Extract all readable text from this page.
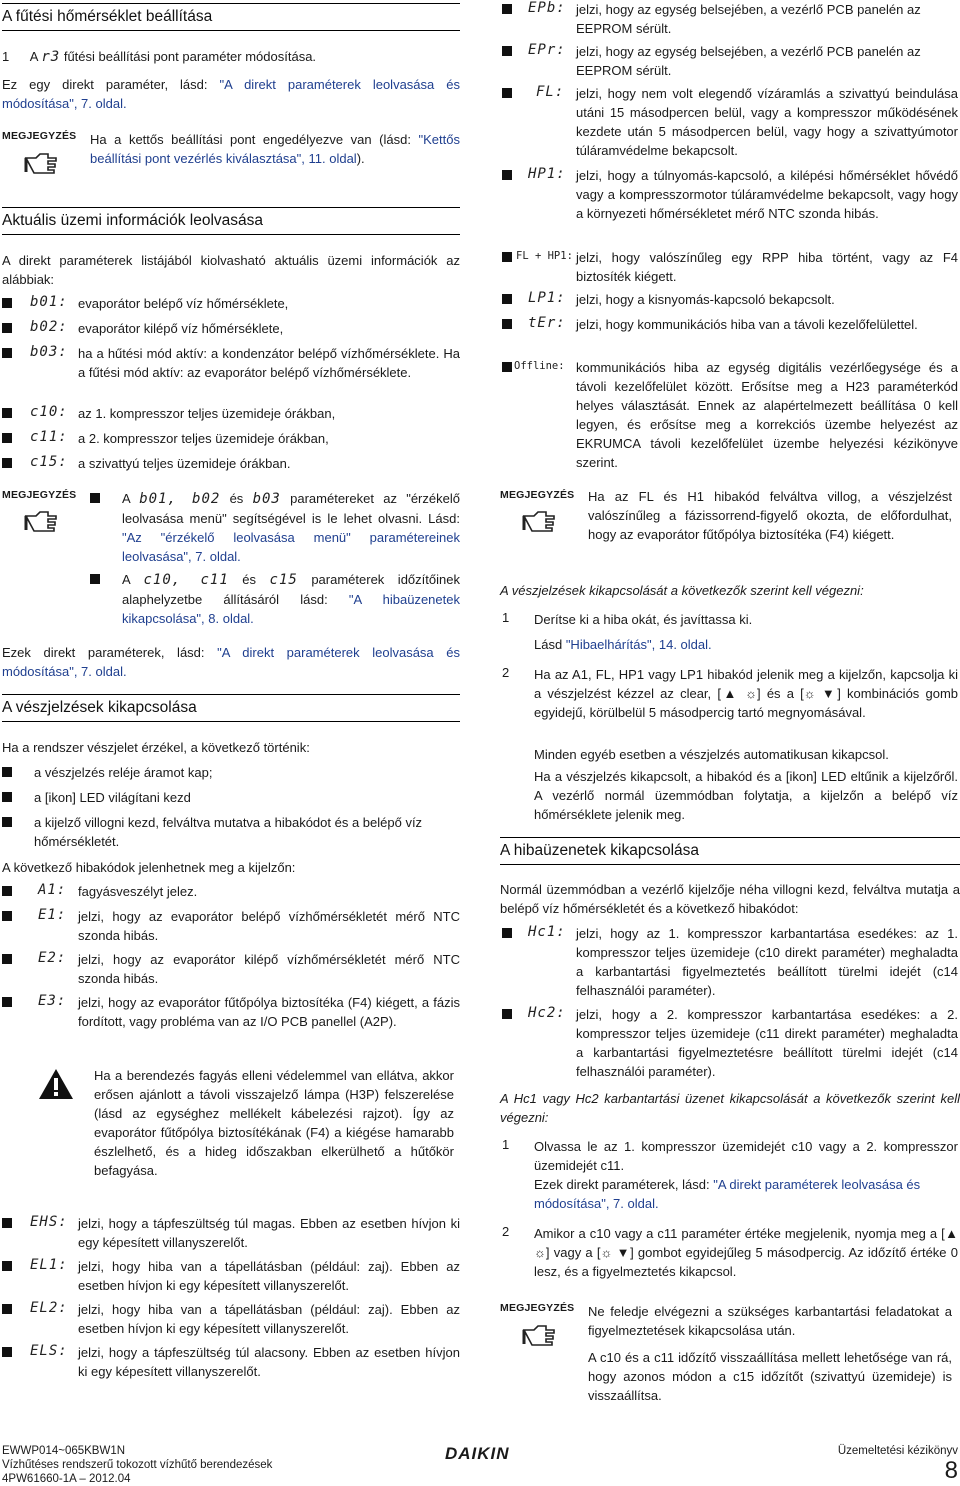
A fűtési hőmérséklet beállítása
1 A r3 fűtési beállítási pont paraméter módosítása.

Ez egy direkt paraméter, lásd: "A direkt paraméterek leolvasása és módosítása", 7. oldal.

MEGJEGYZÉS Ha a kettős beállítási pont engedélyezve van (lásd: "Kettős beállítási pont vezérlés kiválasztása", 11. oldal).

Aktuális üzemi információk leolvasása

A direkt paraméterek listájából kiolvasható aktuális üzemi információk az alábbiak:

b01: evaporátor belépő víz hőmérséklete,

b02: evaporátor kilépő víz hőmérséklete,

b03: ha a hűtési mód aktív: a kondenzátor belépő vízhőmérséklete. Ha a fűtési mód aktív: az evaporátor belépő vízhőmérséklete.

c10: az 1. kompresszor teljes üzemideje órákban,

c11: a 2. kompresszor teljes üzemideje órákban,

c15: a szivattyú teljes üzemideje órákban.

MEGJEGYZÉS	A b01, b02 és b03 paramétereket az "érzékelő leolvasása menü" segítségével is le lehet olvasni. Lásd: "Az "érzékelő leolvasása menü" paramétereinek leolvasása", 7. oldal.

A c10, c11 és c15 paraméterek időzítőinek alaphelyzetbe állításáról lásd: "A hibaüzenetek kikapcsolása", 8. oldal.

Ezek direkt paraméterek, lásd: "A direkt paraméterek leolvasása és módosítása", 7. oldal.

A vészjelzések kikapcsolása

Ha a rendszer vészjelet érzékel, a következő történik:

a vészjelzés reléje áramot kap;

a [ikon] LED világítani kezd

a kijelző villogni kezd, felváltva mutatva a hibakódot és a belépő víz hőmérsékletét.

A következő hibakódok jelenhetnek meg a kijelzőn:

A1: fagyásveszélyt jelez.

E1: jelzi, hogy az evaporátor belépő vízhőmérsékletét mérő NTC szonda hibás.

E2: jelzi, hogy az evaporátor kilépő vízhőmérsékletét mérő NTC szonda hibás.

E3: jelzi, hogy az evaporátor fűtőpólya biztosítéka (F4) kiégett, a fázis fordított, vagy probléma van az I/O PCB panellel (A2P).

Ha a berendezés fagyás elleni védelemmel van ellátva, akkor erősen ajánlott a távoli visszajelző lámpa (H3P) felszerelése (lásd az egységhez mellékelt kábelezési rajzot). Így az evaporátor fűtőpólya biztosítékának (F4) a kiégése hamarabb észlelhető, és a hideg időszakban elkerülhető a hűtőkör befagyása.

EHS: jelzi, hogy a tápfeszültség túl magas. Ebben az esetben hívjon ki egy képesített villanyszerelőt.

EL1: jelzi, hogy hiba van a tápellátásban (például: zaj). Ebben az esetben hívjon ki egy képesített villanyszerelőt.

EL2: jelzi, hogy hiba van a tápellátásban (például: zaj). Ebben az esetben hívjon ki egy képesített villanyszerelőt.

ELS: jelzi, hogy a tápfeszültség túl alacsony. Ebben az esetben hívjon ki egy képesített villanyszerelőt.

EPb: jelzi, hogy az egység belsejében, a vezérlő PCB panelén az EEPROM sérült.

EPr: jelzi, hogy az egység belsejében, a vezérlő PCB panelén az EEPROM sérült.

FL: jelzi, hogy nem volt elegendő vízáramlás a szivattyú beindulása utáni 15 másodpercen belül, vagy a kompresszor működésének kezdete után 5 másodpercen belül, vagy hogy a szivattyúmotor túláramvédelme bekapcsolt.

HP1: jelzi, hogy a túlnyomás-kapcsoló, a kilépési hőmérséklet hővédő vagy a kompresszormotor túláramvédelme bekapcsolt, vagy hogy a környezeti hőmérsékletet mérő NTC szonda hibás.

FL + HP1: jelzi, hogy valószínűleg egy RPP hiba történt, vagy az F4 biztosíték kiégett.

LP1: jelzi, hogy a kisnyomás-kapcsoló bekapcsolt.

tEr: jelzi, hogy kommunikációs hiba van a távoli kezelőfelülettel.

Offline: kommunikációs hiba az egység digitális vezérlőegysége és a távoli kezelőfelület között. Erősítse meg a H23 paraméterkód helyes választását. Ennek az alapértelmezett beállítása 0 kell legyen, és erősítse meg a korrekciós üzembe helyezést az EKRUMCA távoli kezelőfelület üzembe helyezési kézikönyve szerint.

MEGJEGYZÉS Ha az FL és H1 hibakód felváltva villog, a vészjelzést valószínűleg a fázissorrend-figyelő okozta, de előfordulhat, hogy az evaporátor fűtőpólya biztosítéka (F4) kiégett.

A vészjelzések kikapcsolását a következők szerint kell végezni:

1 Derítse ki a hiba okát, és javíttassa ki.

Lásd "Hibaelhárítás", 14. oldal.

2 Ha az A1, FL, HP1 vagy LP1 hibakód jelenik meg a kijelzőn, kapcsolja ki a vészjelzést kézzel az clear, [▲ ☼] és a [☼ ▼] kombinációs gomb egyidejű, körülbelül 5 másodpercig tartó megnyomásával.

Minden egyéb esetben a vészjelzés automatikusan kikapcsol.

Ha a vészjelzés kikapcsolt, a hibakód és a [ikon] LED eltűnik a kijelzőről. A vezérlő normál üzemmódban folytatja, a kijelzőn a belépő víz hőmérséklete jelenik meg.

A hibaüzenetek kikapcsolása

Normál üzemmódban a vezérlő kijelzője néha villogni kezd, felváltva mutatja a belépő víz hőmérsékletét és a következő hibakódot:

Hc1: jelzi, hogy az 1. kompresszor karbantartása esedékes: az 1. kompresszor teljes üzemideje (c10 direkt paraméter) meghaladta a karbantartási figyelmeztetés beállított türelmi idejét (c14 felhasználói paraméter).

Hc2: jelzi, hogy a 2. kompresszor karbantartása esedékes: a 2. kompresszor teljes üzemideje (c11 direkt paraméter) meghaladta a karbantartási figyelmeztetésre beállított türelmi idejét (c14 felhasználói paraméter).

A Hc1 vagy Hc2 karbantartási üzenet kikapcsolását a következők szerint kell végezni:

1 Olvassa le az 1. kompresszor üzemidejét c10 vagy a 2. kompresszor üzemidejét c11.

Ezek direkt paraméterek, lásd: "A direkt paraméterek leolvasása és módosítása", 7. oldal.

2 Amikor a c10 vagy a c11 paraméter értéke megjelenik, nyomja meg a [▲ ☼] vagy a [☼ ▼] gombot egyidejűleg 5 másodpercig. Az időzítő értéke 0 lesz, és a figyelmeztetés kikapcsol.

MEGJEGYZÉS Ne feledje elvégezni a szükséges karbantartási feladatokat a figyelmeztetések kikapcsolása után.

A c10 és a c11 időzítő visszaállítása mellett lehetősége van rá, hogy azonos módon a c15 időzítőt (szivattyú üzemideje) is visszaállítsa.

EWWP014~065KBW1N
Vízhűtéses rendszerű tokozott vízhűtő berendezések
4PW61660-1A – 2012.04
DAIKIN	Üzemeltetési kézikönyv
8
